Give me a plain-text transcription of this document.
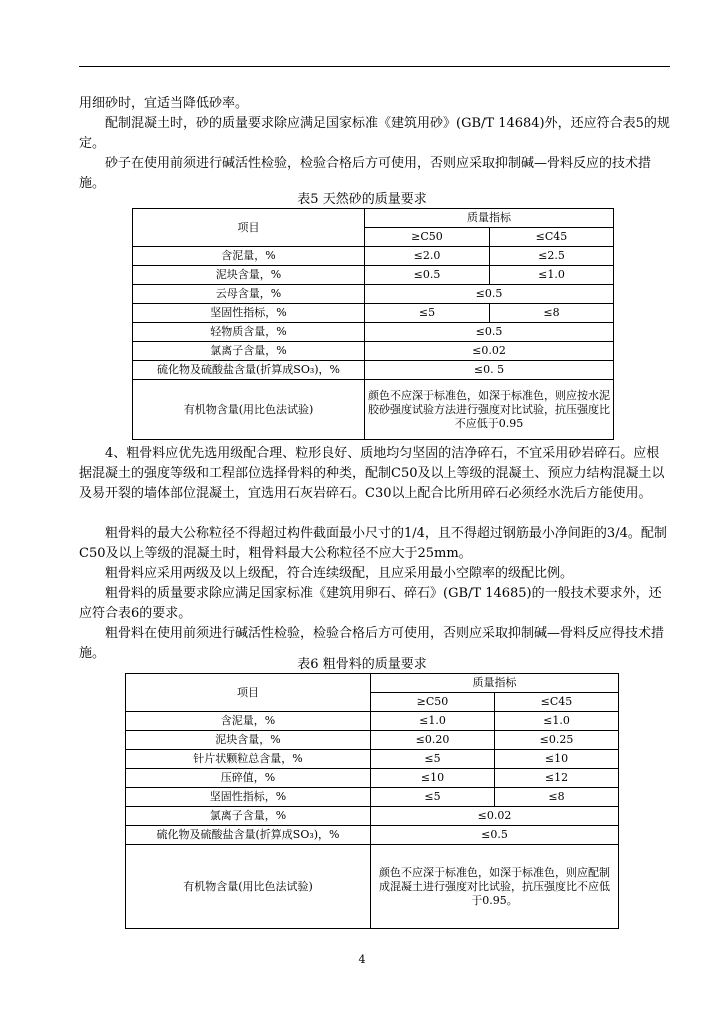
用细砂时，宜适当降低砂率。

配制混凝土时，砂的质量要求除应满足国家标准《建筑用砂》(GB/T 14684)外，还应符合表5的规定。

砂子在使用前须进行碱活性检验，检验合格后方可使用，否则应采取抑制碱—骨料反应的技术措施。

表5 天然砂的质量要求
项目	质量指标	
	≥C50	≤C45
含泥量，%	≤2.0	≤2.5
泥块含量，%	≤0.5	≤1.0
云母含量，%	≤0.5	
坚固性指标，%	≤5	≤8
轻物质含量，%	≤0.5	
氯离子含量，%	≤0.02	
硫化物及硫酸盐含量(折算成SO₃)，%	≤0. 5	
有机物含量(用比色法试验)	颜色不应深于标准色，如深于标准色，则应按水泥胶砂强度试验方法进行强度对比试验，抗压强度比不应低于0.95	

4、粗骨料应优先选用级配合理、粒形良好、质地均匀坚固的洁净碎石，不宜采用砂岩碎石。应根据混凝土的强度等级和工程部位选择骨料的种类，配制C50及以上等级的混凝土、预应力结构混凝土以及易开裂的墙体部位混凝土，宜选用石灰岩碎石。C30以上配合比所用碎石必须经水洗后方能使用。

粗骨料的最大公称粒径不得超过构件截面最小尺寸的1/4，且不得超过钢筋最小净间距的3/4。配制C50及以上等级的混凝土时，粗骨料最大公称粒径不应大于25mm。

粗骨料应采用两级及以上级配，符合连续级配，且应采用最小空隙率的级配比例。

粗骨料的质量要求除应满足国家标准《建筑用卵石、碎石》(GB/T 14685)的一般技术要求外，还应符合表6的要求。

粗骨料在使用前须进行碱活性检验，检验合格后方可使用，否则应采取抑制碱—骨料反应得技术措施。

表6 粗骨料的质量要求
项目	质量指标	
	≥C50	≤C45
含泥量，%	≤1.0	≤1.0
泥块含量，%	≤0.20	≤0.25
针片状颗粒总含量，%	≤5	≤10
压碎值，%	≤10	≤12
坚固性指标，%	≤5	≤8
氯离子含量，%	≤0.02	
硫化物及硫酸盐含量(折算成SO₃)，%	≤0.5	
有机物含量(用比色法试验)	颜色不应深于标准色，如深于标准色，则应配制成混凝土进行强度对比试验，抗压强度比不应低于0.95。	
4
